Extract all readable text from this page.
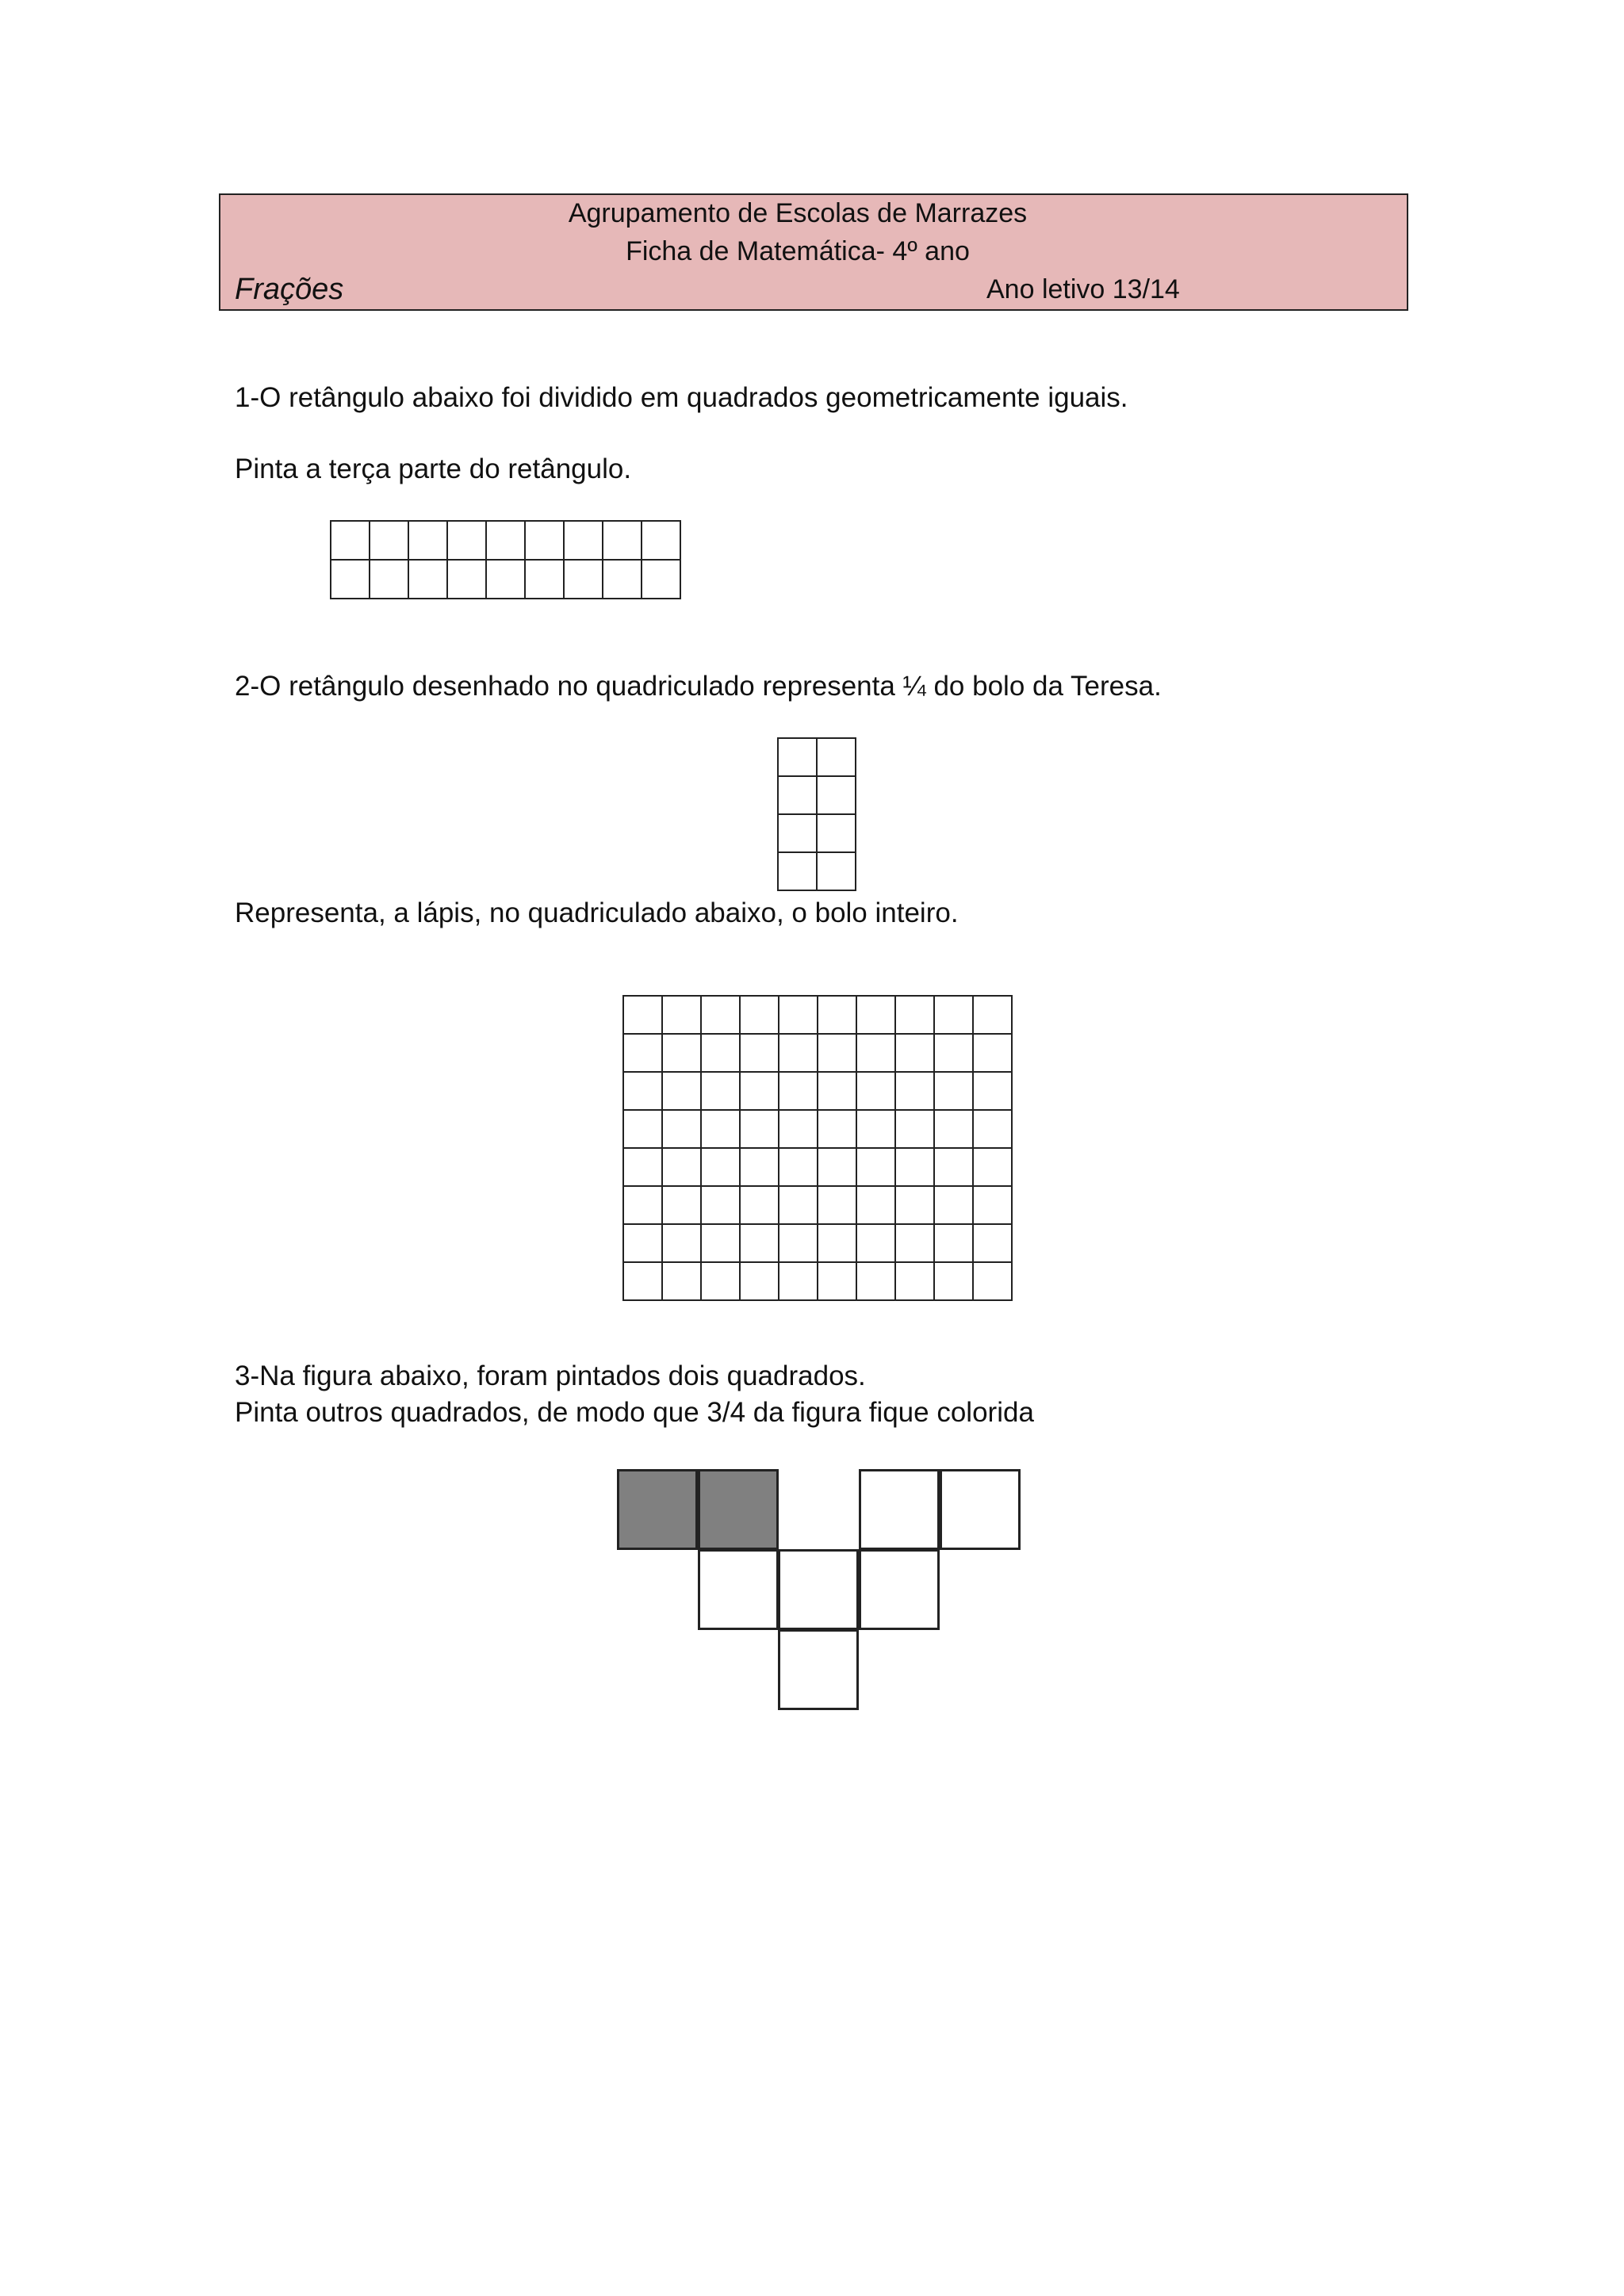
Agrupamento de Escolas de Marrazes
Ficha de Matemática- 4º ano
Frações	Ano letivo 13/14
1-O retângulo abaixo foi dividido em quadrados geometricamente iguais.
Pinta a terça parte do retângulo.
2-O retângulo desenhado no quadriculado representa ¼ do bolo da Teresa.
Representa, a lápis, no quadriculado abaixo, o bolo inteiro.
3-Na figura abaixo, foram pintados dois quadrados.
Pinta outros quadrados, de modo que 3/4 da figura fique colorida
